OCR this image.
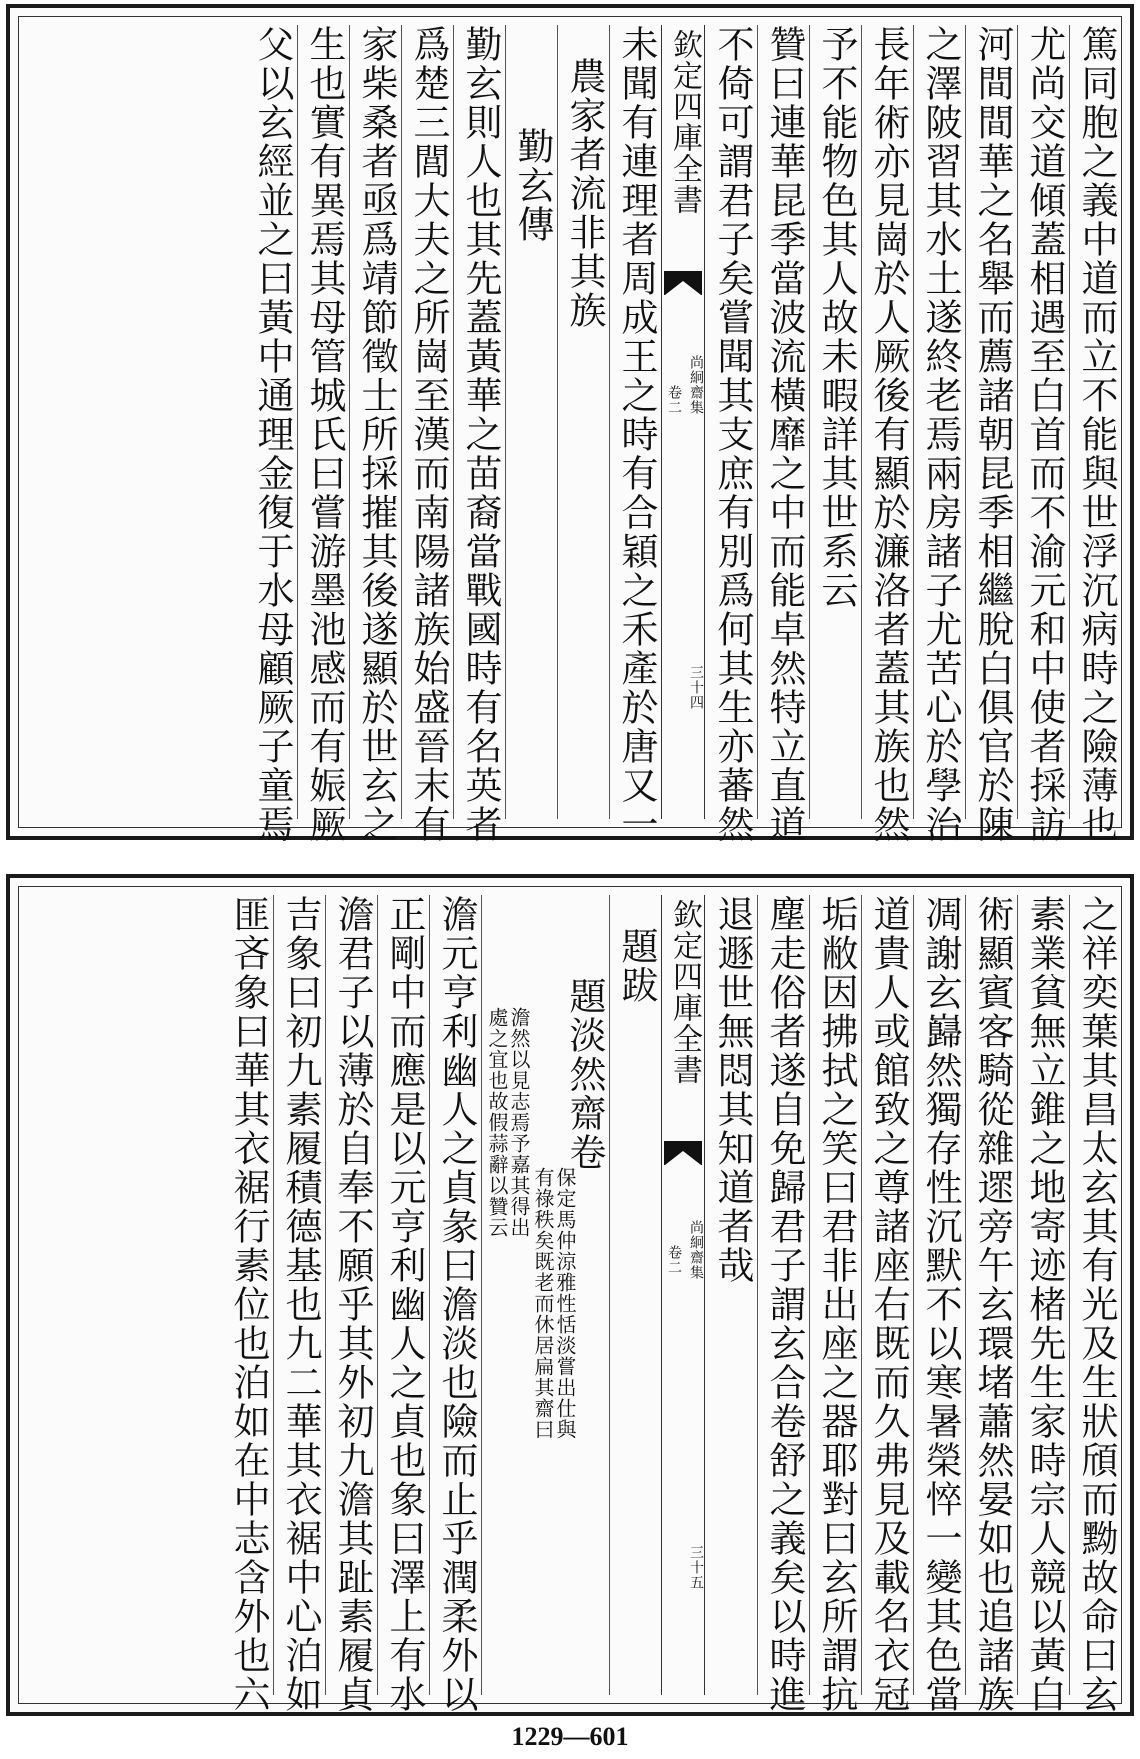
篤同胞之義中道而立不能與世浮沉病時之險薄也
尤尚交道傾蓋相遇至白首而不渝元和中使者採訪
河間間華之名舉而薦諸朝昆季相繼脫白俱官於陳
之澤陂習其水土遂終老焉兩房諸子尤苦心於學治
長年術亦見崗於人厥後有顯於濂洛者蓋其族也然
予不能物色其人故未暇詳其世系云
贊曰連華昆季當波流橫靡之中而能卓然特立直道
不倚可謂君子矣嘗聞其支庶有別爲何其生亦蕃然
欽定四庫全書
尚絅齋集
卷二
三十四
未聞有連理者周成王之時有合穎之禾產於唐又一
農家者流非其族
勤玄傳
勤玄則人也其先蓋黃華之苗裔當戰國時有名英者
爲楚三閭大夫之所崗至漢而南陽諸族始盛晉末有
家柴桑者亟爲靖節徵士所採摧其後遂顯於世玄之
生也實有異焉其母管城氏曰嘗游墨池感而有娠厥
父以玄經並之曰黃中通理金復于水母顧厥子童焉
之祥奕葉其昌太玄其有光及生狀頎而黝故命曰玄
素業貧無立錐之地寄迹楮先生家時宗人競以黃白
術顯賓客騎從雜遝旁午玄環堵蕭然晏如也追諸族
凋謝玄巋然獨存性沉默不以寒暑榮悴一變其色當
道貴人或館致之尊諸座右既而久弗見及載名衣冠
垢敝因拂拭之笑曰君非出座之器耶對曰玄所謂抗
塵走俗者遂自免歸君子謂玄合卷舒之義矣以時進
退遯世無悶其知道者哉
欽定四庫全書
尚絅齋集
卷二
三十五
題跋
題淡然齋卷
保定馬仲涼雅性恬淡嘗出仕與
有祿秩矣既老而休居扁其齋曰
澹然以見志焉予嘉其得出
處之宜也故假蒜辭以贊云
澹元亨利幽人之貞彖曰澹淡也險而止乎潤柔外以
正剛中而應是以元亨利幽人之貞也象曰澤上有水
澹君子以薄於自奉不願乎其外初九澹其趾素履貞
吉象曰初九素履積德基也九二華其衣裾中心泊如
匪吝象曰華其衣裾行素位也泊如在中志含外也六
1229—601
